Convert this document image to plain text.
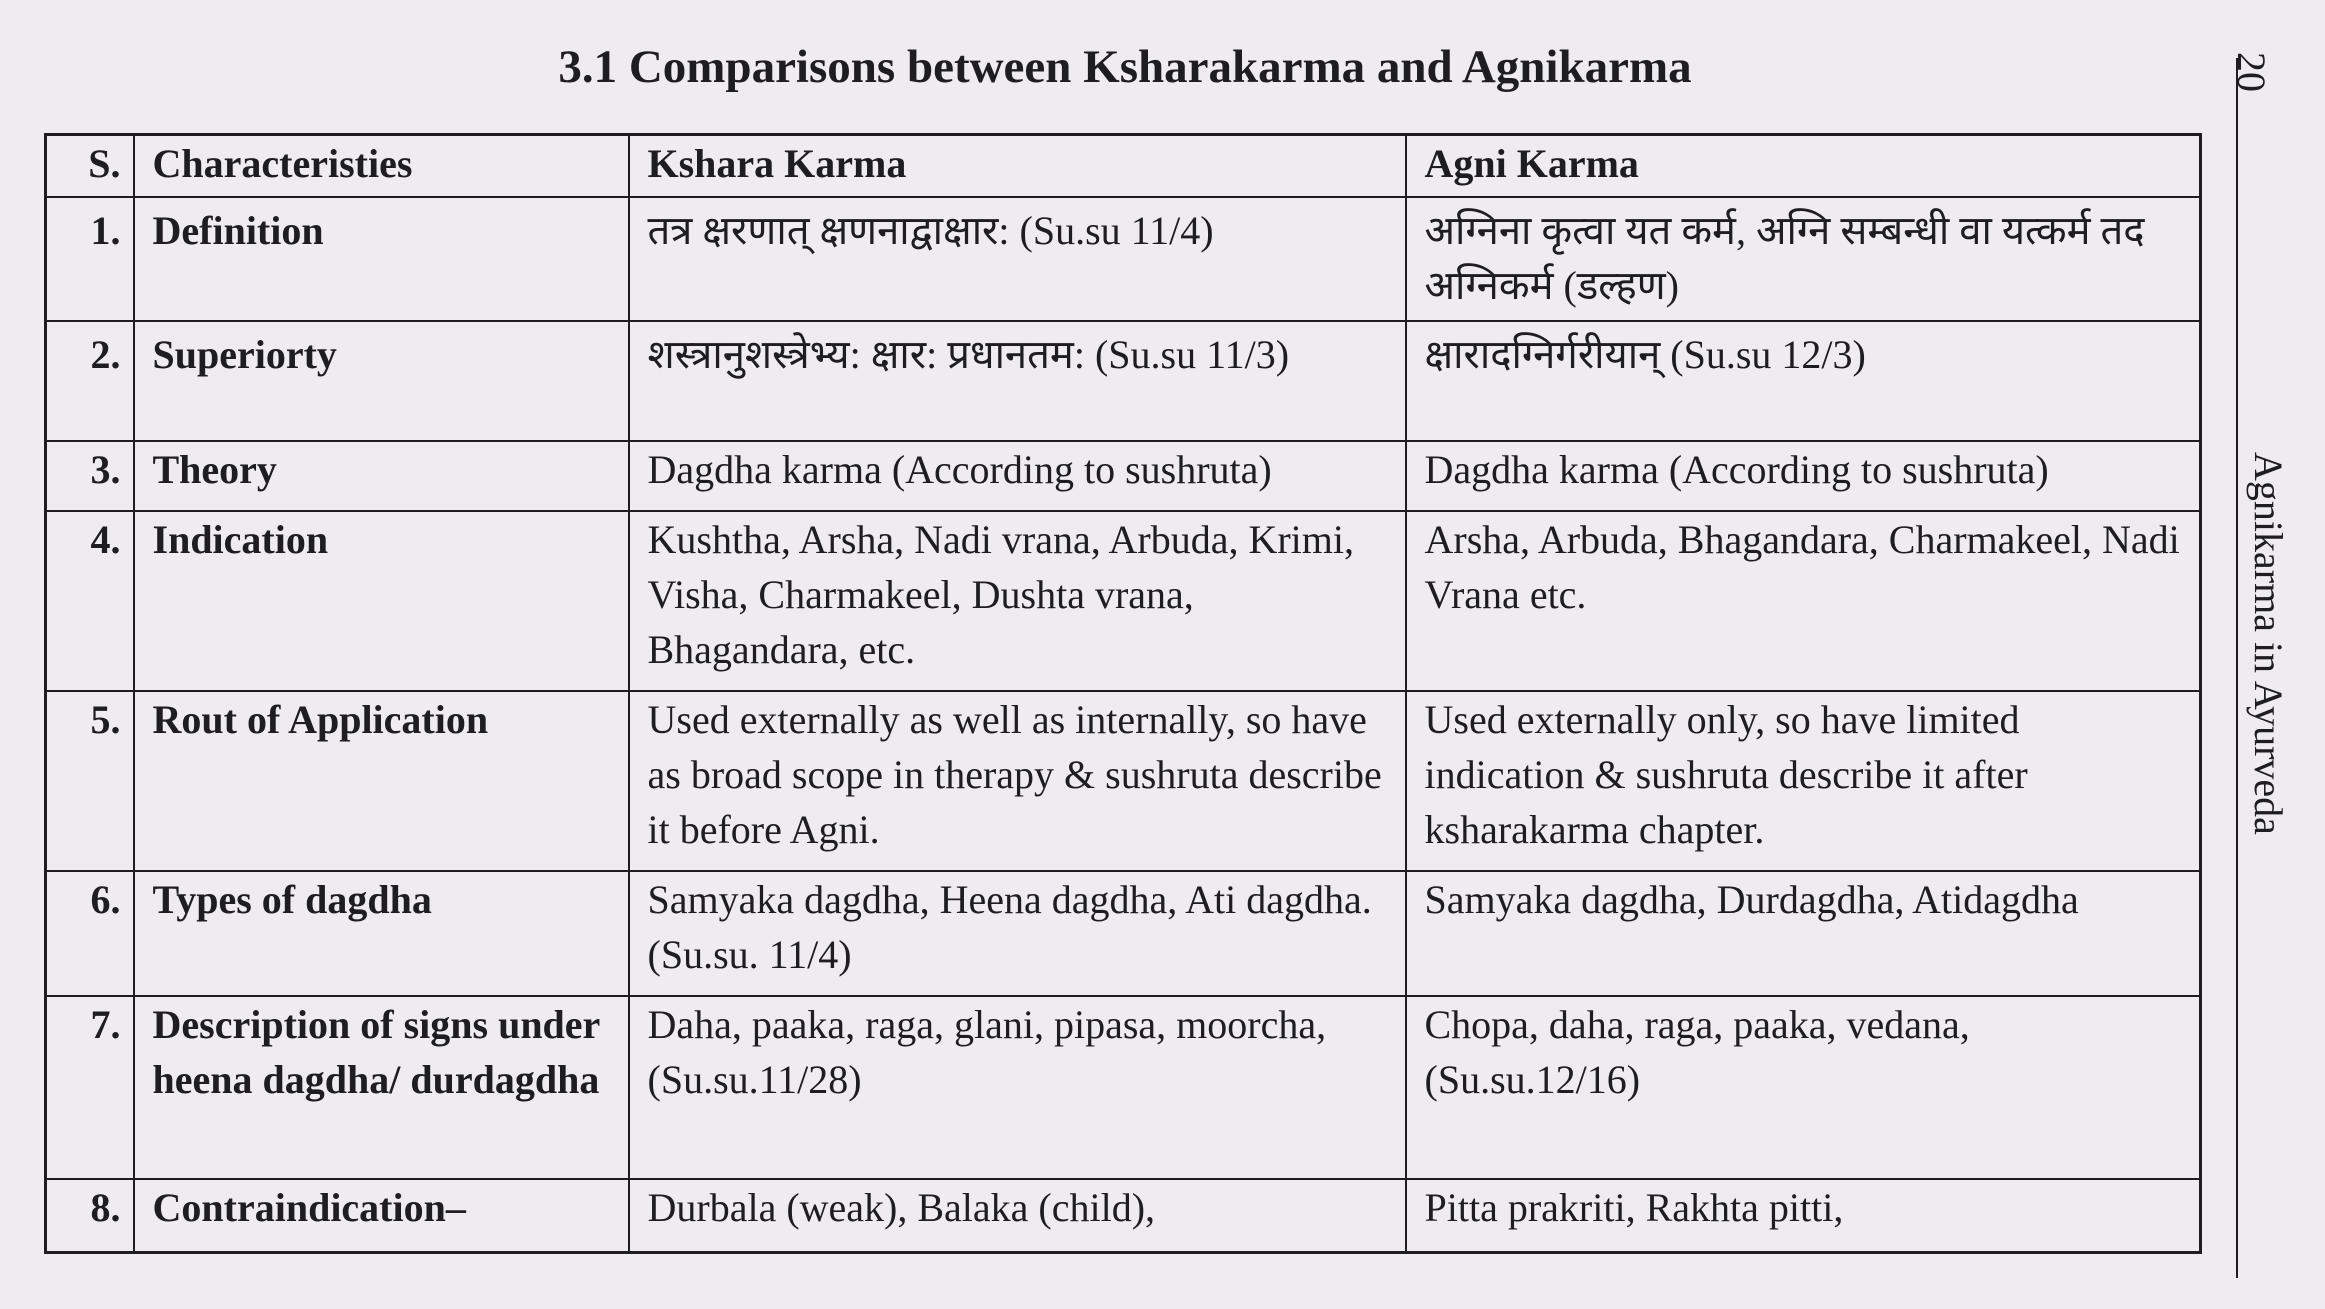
3.1 Comparisons between Ksharakarma and Agnikarma
S.	Characteristies	Kshara Karma	Agni Karma
1.	Definition	तत्र क्षरणात् क्षणनाद्वाक्षार: (Su.su 11/4)	अग्निना कृत्वा यत कर्म, अग्नि सम्बन्धी वा यत्कर्म तद अग्निकर्म (डल्हण)
2.	Superiorty	शस्त्रानुशस्त्रेभ्य: क्षार: प्रधानतम: (Su.su 11/3)	क्षारादग्निर्गरीयान् (Su.su 12/3)
3.	Theory	Dagdha karma (According to sushruta)	Dagdha karma (According to sushruta)
4.	Indication	Kushtha, Arsha, Nadi vrana, Arbuda, Krimi, Visha, Charmakeel, Dushta vrana, Bhagandara, etc.	Arsha, Arbuda, Bhagandara, Charmakeel, Nadi Vrana etc.
5.	Rout of Application	Used externally as well as internally, so have as broad scope in therapy & sushruta describe it before Agni.	Used externally only, so have limited indication & sushruta describe it after ksharakarma chapter.
6.	Types of dagdha	Samyaka dagdha, Heena dagdha, Ati dagdha. (Su.su. 11/4)	Samyaka dagdha, Durdagdha, Atidagdha
7.	Description of signs under heena dagdha/ durdagdha	Daha, paaka, raga, glani, pipasa, moorcha, (Su.su.11/28)	Chopa, daha, raga, paaka, vedana, (Su.su.12/16)
8.	Contraindication–	Durbala (weak), Balaka (child),	Pitta prakriti, Rakhta pitti,
20
Agnikarma in Ayurveda
